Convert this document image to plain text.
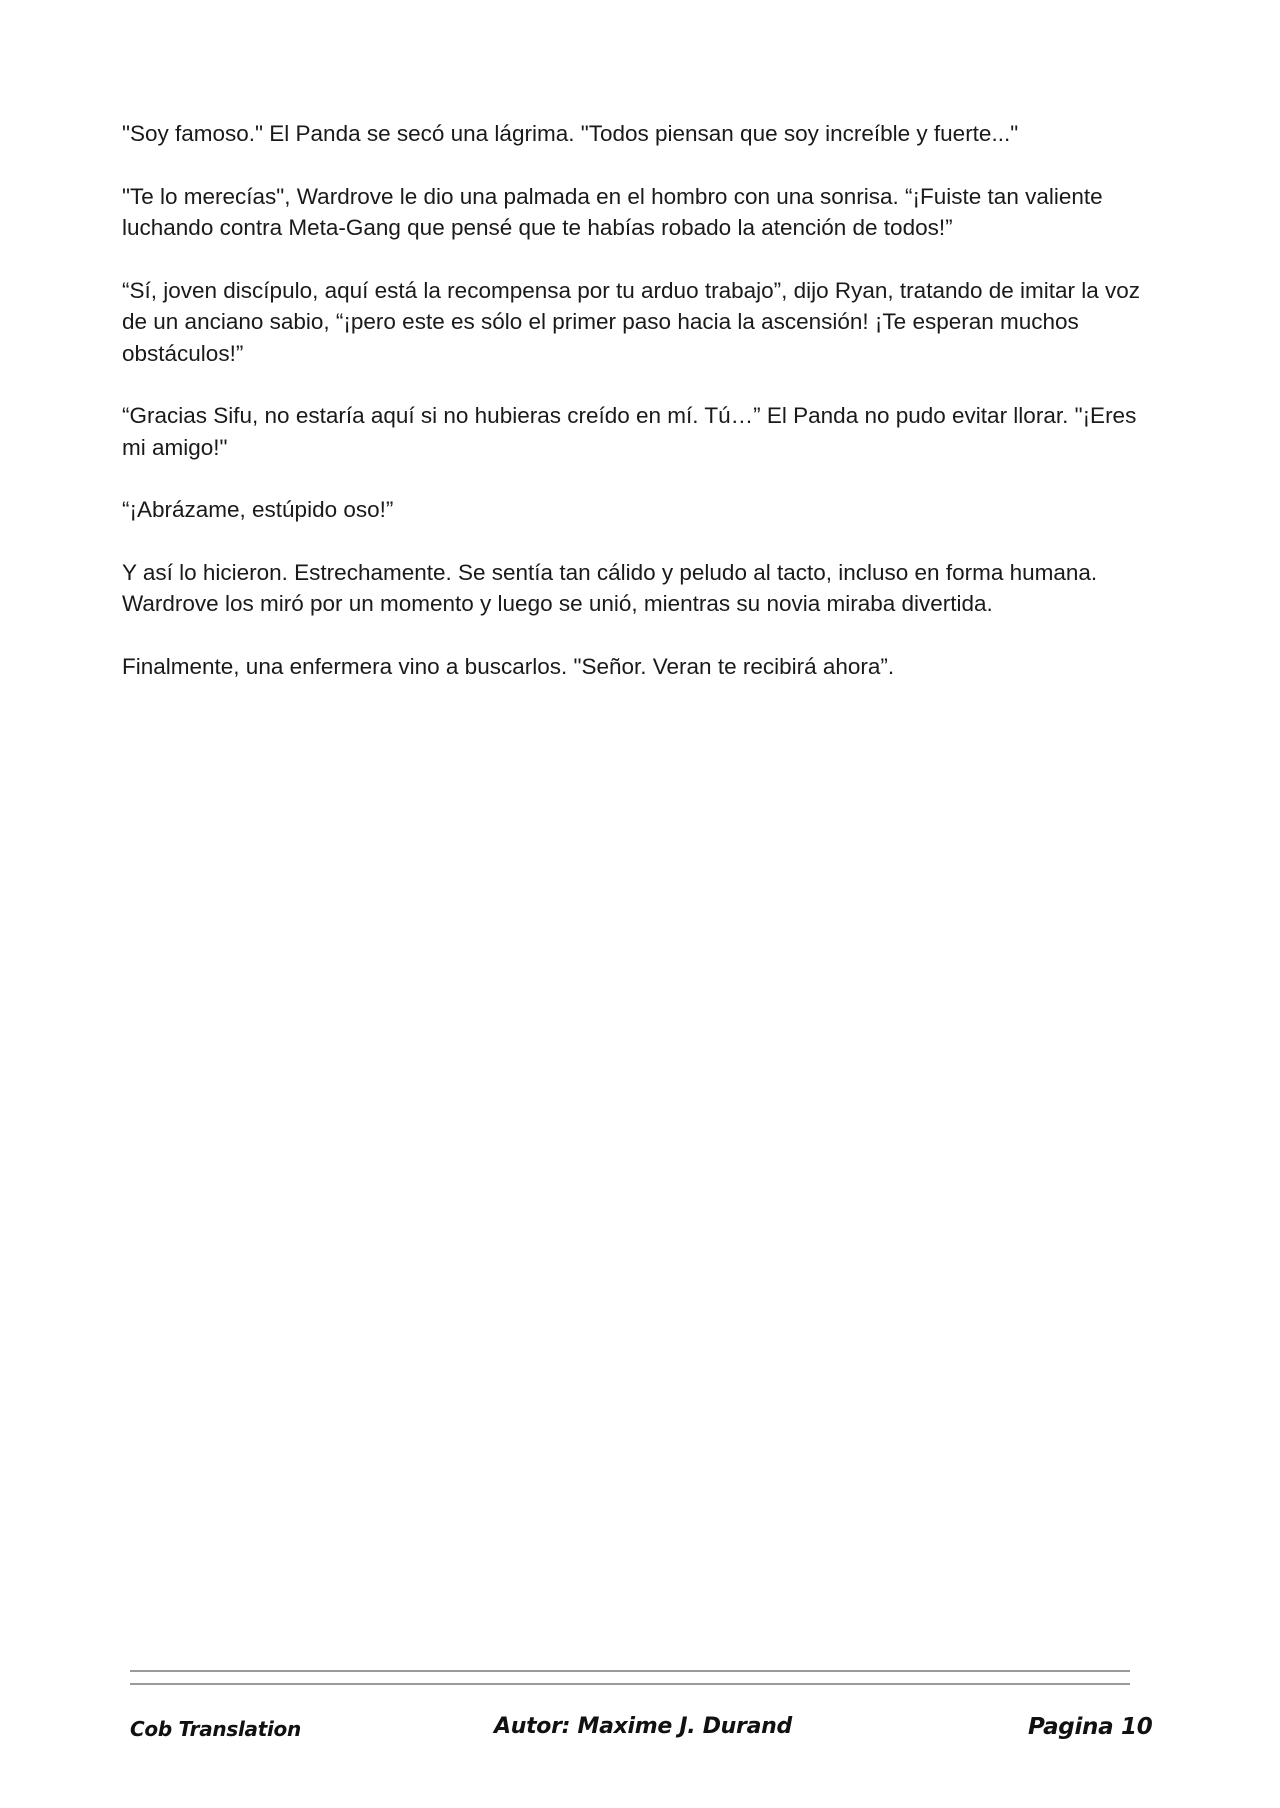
"Soy famoso." El Panda se secó una lágrima. "Todos piensan que soy increíble y fuerte..."

"Te lo merecías", Wardrove le dio una palmada en el hombro con una sonrisa. “¡Fuiste tan valiente luchando contra Meta-Gang que pensé que te habías robado la atención de todos!”

“Sí, joven discípulo, aquí está la recompensa por tu arduo trabajo”, dijo Ryan, tratando de imitar la voz de un anciano sabio, “¡pero este es sólo el primer paso hacia la ascensión! ¡Te esperan muchos obstáculos!”

“Gracias Sifu, no estaría aquí si no hubieras creído en mí. Tú…” El Panda no pudo evitar llorar. "¡Eres mi amigo!"

“¡Abrázame, estúpido oso!”

Y así lo hicieron. Estrechamente. Se sentía tan cálido y peludo al tacto, incluso en forma humana. Wardrove los miró por un momento y luego se unió, mientras su novia miraba divertida.

Finalmente, una enfermera vino a buscarlos. "Señor. Veran te recibirá ahora”.

Cob Translation	Autor: Maxime J. Durand	Pagina 10
